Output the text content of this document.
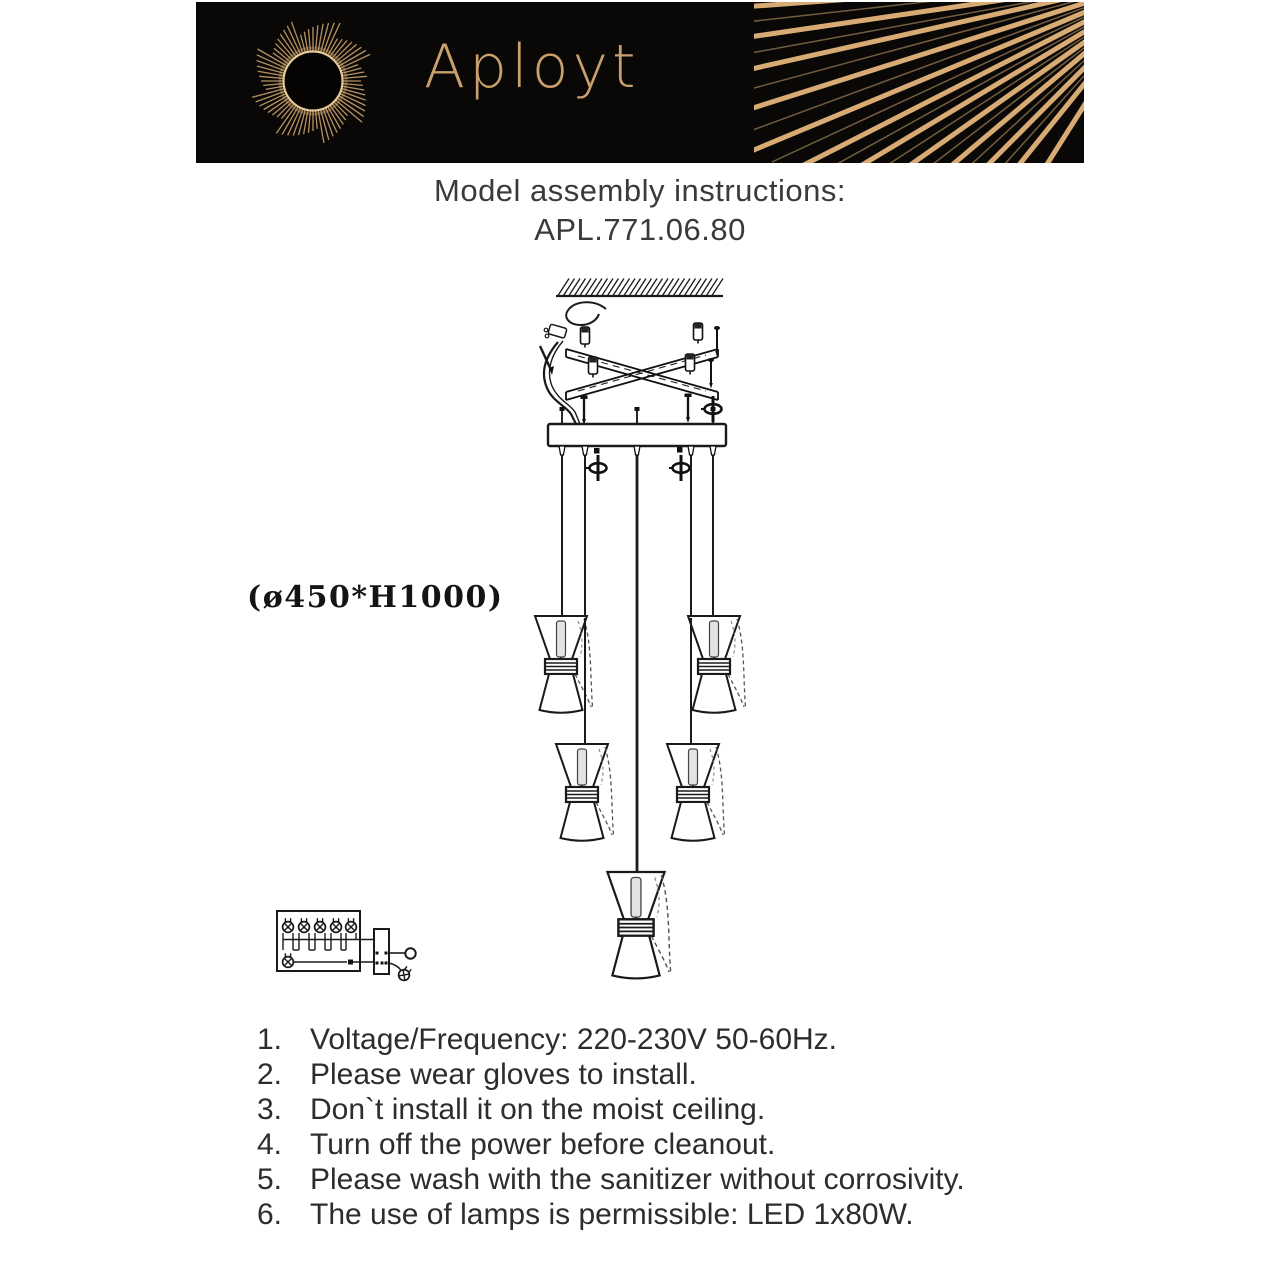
Aployt
Model assembly instructions:
APL.771.06.80
(ø450*H1000)
1. Voltage/Frequency: 220-230V 50-60Hz.
2. Please wear gloves to install.
3. Don`t install it on the moist ceiling.
4. Turn off the power before cleanout.
5. Please wash with the sanitizer without corrosivity.
6. The use of lamps is permissible: LED 1x80W.
